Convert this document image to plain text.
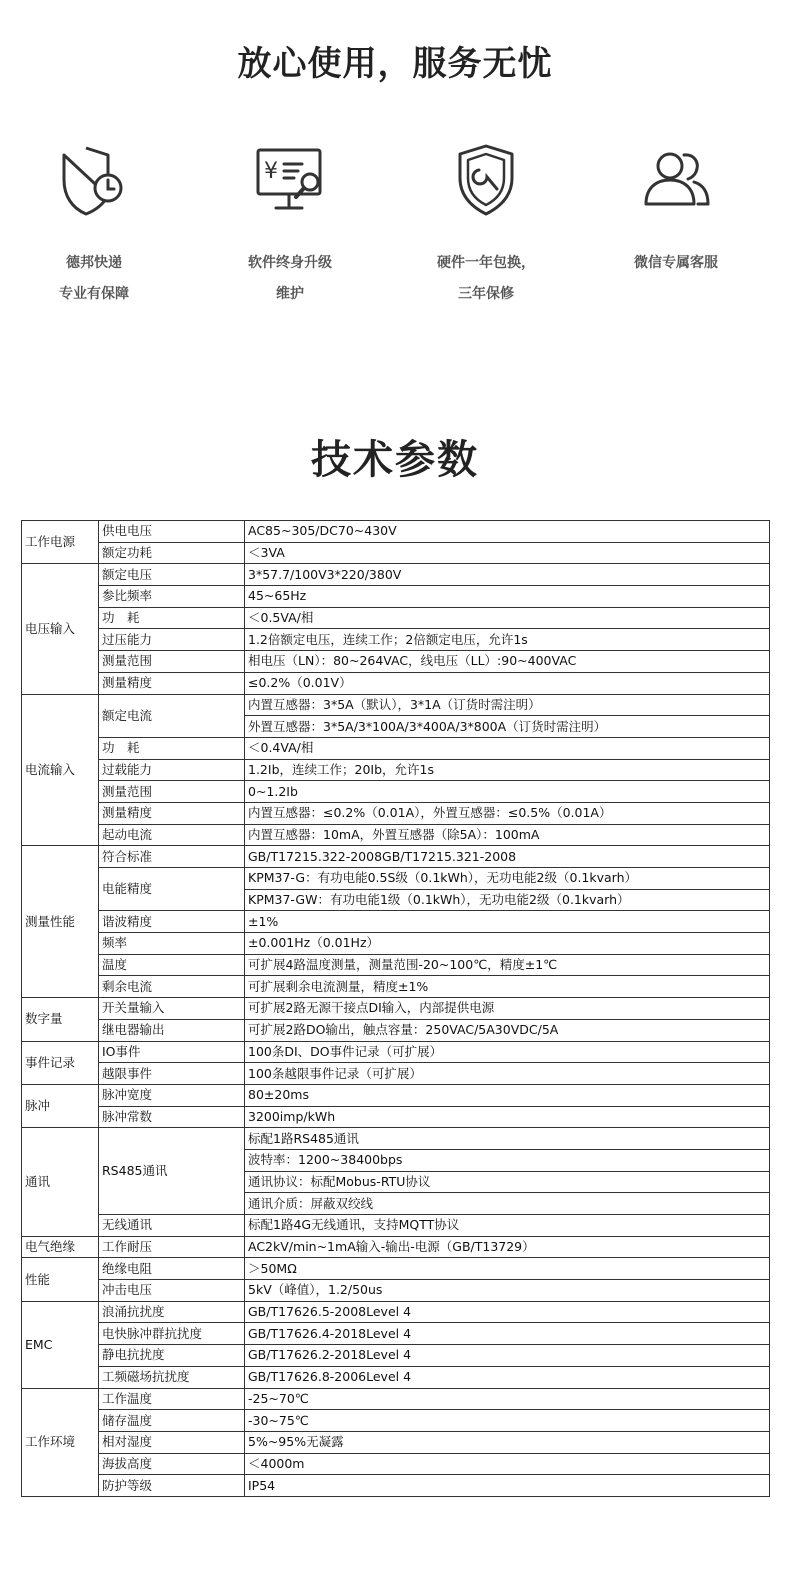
放心使用，服务无忧
德邦快递
专业有保障
¥
软件终身升级
维护
硬件一年包换，
三年保修
微信专属客服
技术参数
工作电源	供电电压	AC85~305/DC70~430V
	额定功耗	＜3VA
电压输入	额定电压	3*57.7/100V3*220/380V
	参比频率	45~65Hz
	功　耗	＜0.5VA/相
	过压能力	1.2倍额定电压，连续工作；2倍额定电压，允许1s
	测量范围	相电压（LN）：80~264VAC，线电压（LL）:90~400VAC
	测量精度	≤0.2%（0.01V）
电流输入	额定电流	内置互感器：3*5A（默认），3*1A（订货时需注明）
		外置互感器：3*5A/3*100A/3*400A/3*800A（订货时需注明）
	功　耗	＜0.4VA/相
	过载能力	1.2Ib，连续工作；20Ib，允许1s
	测量范围	0~1.2Ib
	测量精度	内置互感器：≤0.2%（0.01A），外置互感器：≤0.5%（0.01A）
	起动电流	内置互感器：10mA，外置互感器（除5A）：100mA
测量性能	符合标准	GB/T17215.322-2008GB/T17215.321-2008
	电能精度	KPM37-G：有功电能0.5S级（0.1kWh），无功电能2级（0.1kvarh）
		KPM37-GW：有功电能1级（0.1kWh），无功电能2级（0.1kvarh）
	谐波精度	±1%
	频率	±0.001Hz（0.01Hz）
	温度	可扩展4路温度测量，测量范围-20~100℃，精度±1℃
	剩余电流	可扩展剩余电流测量，精度±1%
数字量	开关量输入	可扩展2路无源干接点DI输入，内部提供电源
	继电器输出	可扩展2路DO输出，触点容量：250VAC/5A30VDC/5A
事件记录	IO事件	100条DI、DO事件记录（可扩展）
	越限事件	100条越限事件记录（可扩展）
脉冲	脉冲宽度	80±20ms
	脉冲常数	3200imp/kWh
通讯	RS485通讯	标配1路RS485通讯
		波特率：1200~38400bps
		通讯协议：标配Mobus-RTU协议
		通讯介质：屏蔽双绞线
	无线通讯	标配1路4G无线通讯，支持MQTT协议
电气绝缘	工作耐压	AC2kV/min~1mA输入-输出-电源（GB/T13729）
性能	绝缘电阻	＞50MΩ
	冲击电压	5kV（峰值），1.2/50us
EMC	浪涌抗扰度	GB/T17626.5-2008Level 4
	电快脉冲群抗扰度	GB/T17626.4-2018Level 4
	静电抗扰度	GB/T17626.2-2018Level 4
	工频磁场抗扰度	GB/T17626.8-2006Level 4
工作环境	工作温度	-25~70℃
	储存温度	-30~75℃
	相对湿度	5%~95%无凝露
	海拔高度	＜4000m
	防护等级	IP54
